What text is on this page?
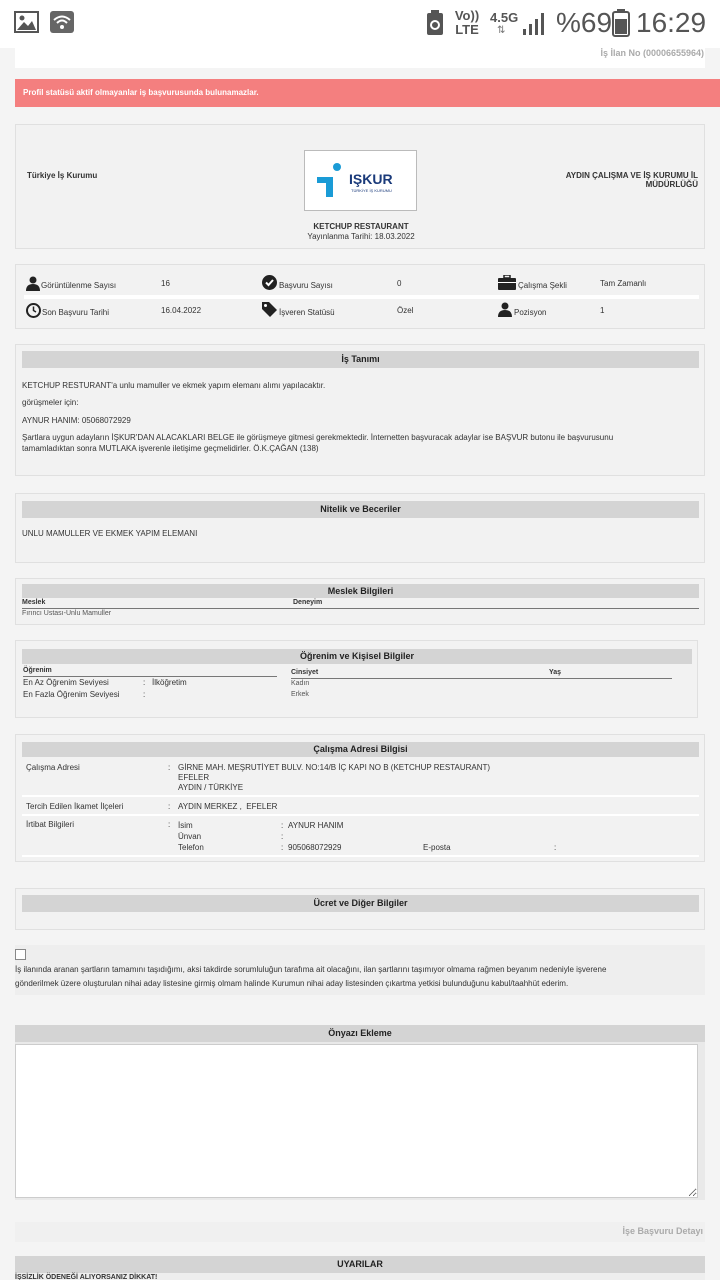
Vo))
LTE
4.5G
⇅ %69 16:29
İş İlan No (00006655964)
Profil statüsü aktif olmayanlar iş başvurusunda bulunamazlar.
Türkiye İş Kurumu	IŞKUR
TÜRKİYE İŞ KURUMU
AYDIN ÇALIŞMA VE İŞ KURUMU İL
MÜDÜRLÜĞÜ
KETCHUP RESTAURANT
Yayınlanma Tarihi: 18.03.2022
Görüntülenme Sayısı	16	Başvuru Sayısı	0	Çalışma Şekli	Tam Zamanlı
Son Başvuru Tarihi	16.04.2022	İşveren Statüsü	Özel	Pozisyon	1
İş Tanımı
KETCHUP RESTURANT'a unlu mamuller ve ekmek yapım elemanı alımı yapılacaktır.
görüşmeler için:
AYNUR HANIM: 05068072929
Şartlara uygun adayların İŞKUR'DAN ALACAKLARI BELGE ile görüşmeye gitmesi gerekmektedir. İnternetten başvuracak adaylar ise BAŞVUR butonu ile başvurusunu
tamamladıktan sonra MUTLAKA işverenle iletişime geçmelidirler. Ö.K.ÇAĞAN (138)
Nitelik ve Beceriler
UNLU MAMULLER VE EKMEK YAPIM ELEMANI
Meslek Bilgileri
Meslek	Deneyim
Fırıncı Ustası-Unlu Mamuller
Öğrenim ve Kişisel Bilgiler
Öğrenim
En Az Öğrenim Seviyesi	: İlköğretim
En Fazla Öğrenim Seviyesi	:
Cinsiyet	Yaş
Kadın
Erkek
Çalışma Adresi Bilgisi
Çalışma Adresi	: GİRNE MAH. MEŞRUTİYET BULV. NO:14/B İÇ KAPI NO B (KETCHUP RESTAURANT)
EFELER
AYDIN / TÜRKİYE
Tercih Edilen İkamet İlçeleri	: AYDIN MERKEZ ,  EFELER
İrtibat Bilgileri	: İsim	: AYNUR HANIM
Ünvan	:
Telefon	: 905068072929	E-posta	:
Ücret ve Diğer Bilgiler
İş ilanında aranan şartların tamamını taşıdığımı, aksi takdirde sorumluluğun tarafıma ait olacağını, ilan şartlarını taşımıyor olmama rağmen beyanım nedeniyle işverene
gönderilmek üzere oluşturulan nihai aday listesine girmiş olmam halinde Kurumun nihai aday listesinden çıkartma yetkisi bulunduğunu kabul/taahhüt ederim.
Önyazı Ekleme
İşe Başvuru Detayı
UYARILAR
İŞSİZLİK ÖDENEĞİ ALIYORSANIZ DİKKAT!
